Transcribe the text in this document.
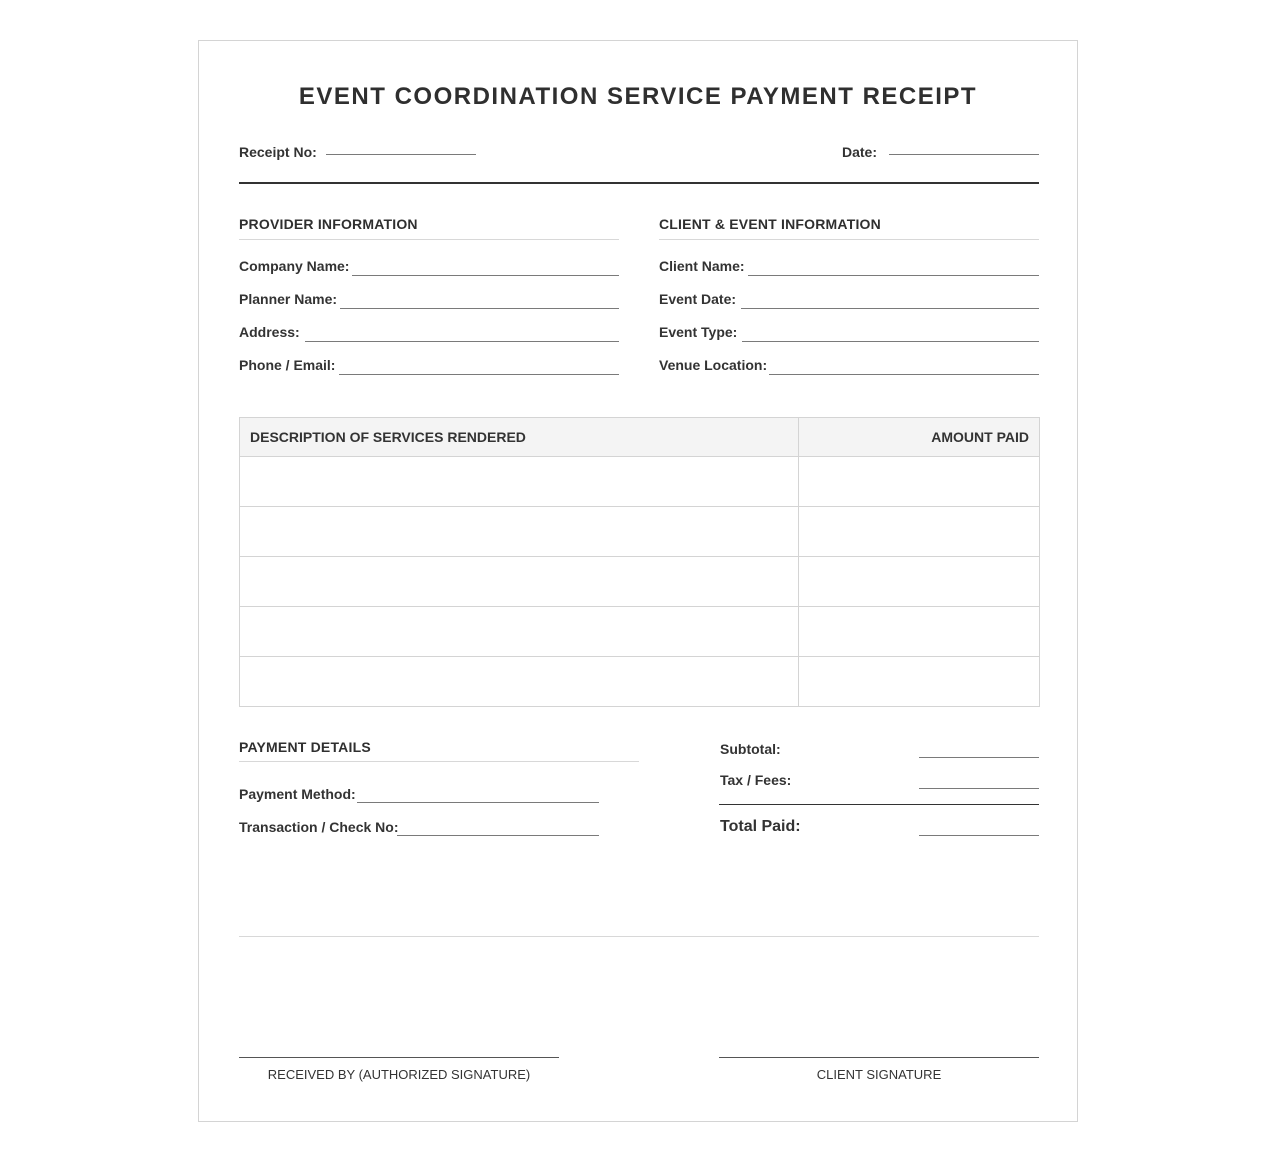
EVENT COORDINATION SERVICE PAYMENT RECEIPT
Receipt No:	Date:
PROVIDER INFORMATION
Company Name:
Planner Name:
Address:
Phone / Email:
CLIENT & EVENT INFORMATION
Client Name:
Event Date:
Event Type:
Venue Location:
DESCRIPTION OF SERVICES RENDERED	AMOUNT PAID

PAYMENT DETAILS
Payment Method:
Transaction / Check No:
Subtotal:
Tax / Fees:
Total Paid:
RECEIVED BY (AUTHORIZED SIGNATURE)	CLIENT SIGNATURE
